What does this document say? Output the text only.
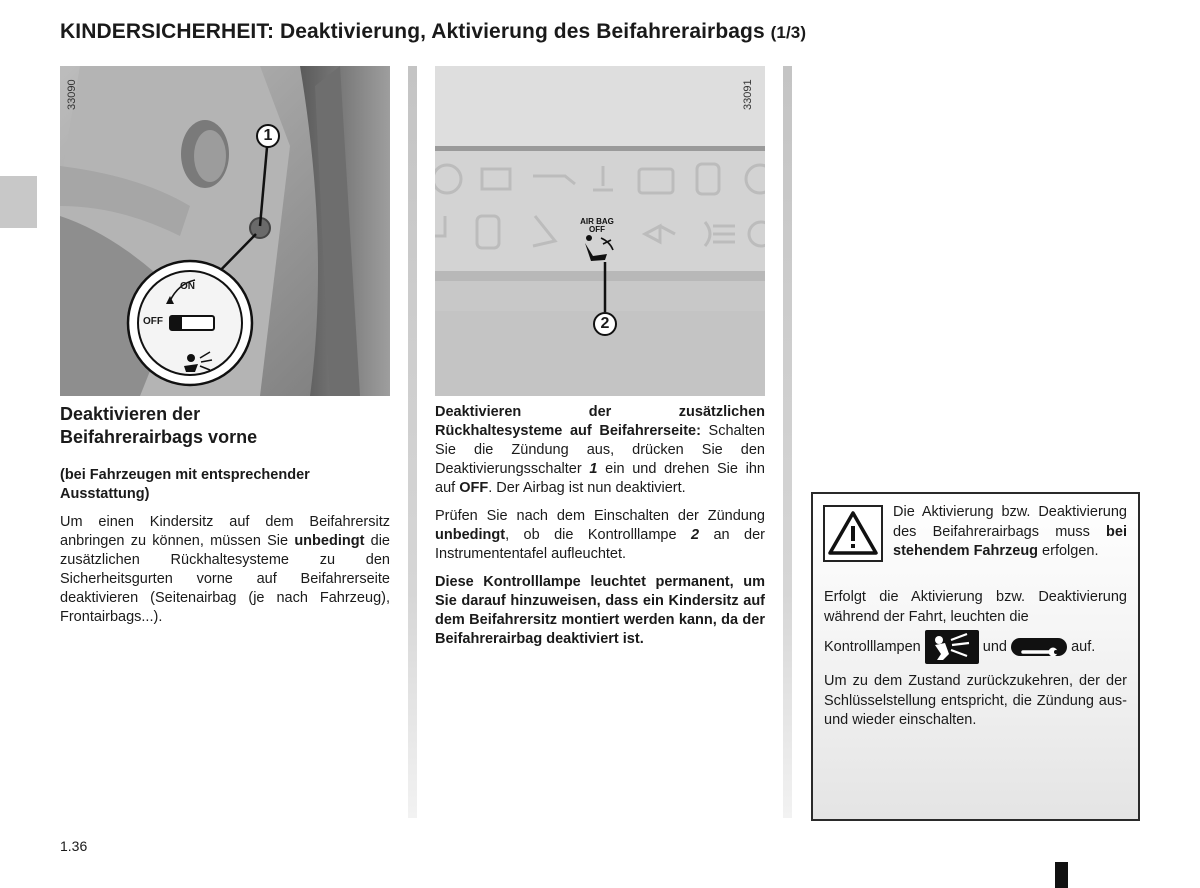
KINDERSICHERHEIT: Deaktivierung, Aktivierung des Beifahrerairbags (1/3)
ON
OFF
1
33090
AIR BAG
OFF
2
33091
Deaktivieren der
Beifahrerairbags vorne
(bei Fahrzeugen mit entsprechender Ausstattung)
Um einen Kindersitz auf dem Beifahrersitz anbringen zu können, müssen Sie unbedingt die zusätzlichen Rückhaltesysteme zu den Sicherheitsgurten vorne auf Beifahrerseite deaktivieren (Seitenairbag (je nach Fahrzeug), Frontairbags...).
Deaktivieren der zusätzlichen Rückhaltesysteme auf Beifahrerseite: Schalten Sie die Zündung aus, drücken Sie den Deaktivierungsschalter 1 ein und drehen Sie ihn auf OFF. Der Airbag ist nun deaktiviert.
Prüfen Sie nach dem Einschalten der Zündung unbedingt, ob die Kontrolllampe 2 an der Instrumententafel aufleuchtet.
Diese Kontrolllampe leuchtet permanent, um Sie darauf hinzuweisen, dass ein Kindersitz auf dem Beifahrersitz montiert werden kann, da der Beifahrerairbag deaktiviert ist.
Die Aktivierung bzw. Deaktivierung des Beifahrerairbags muss bei stehendem Fahrzeug erfolgen.
Erfolgt die Aktivierung bzw. Deaktivierung während der Fahrt, leuchten die
Kontrolllampen	und	auf.
Um zu dem Zustand zurückzukehren, der der Schlüsselstellung entspricht, die Zündung aus- und wieder einschalten.
1.36
